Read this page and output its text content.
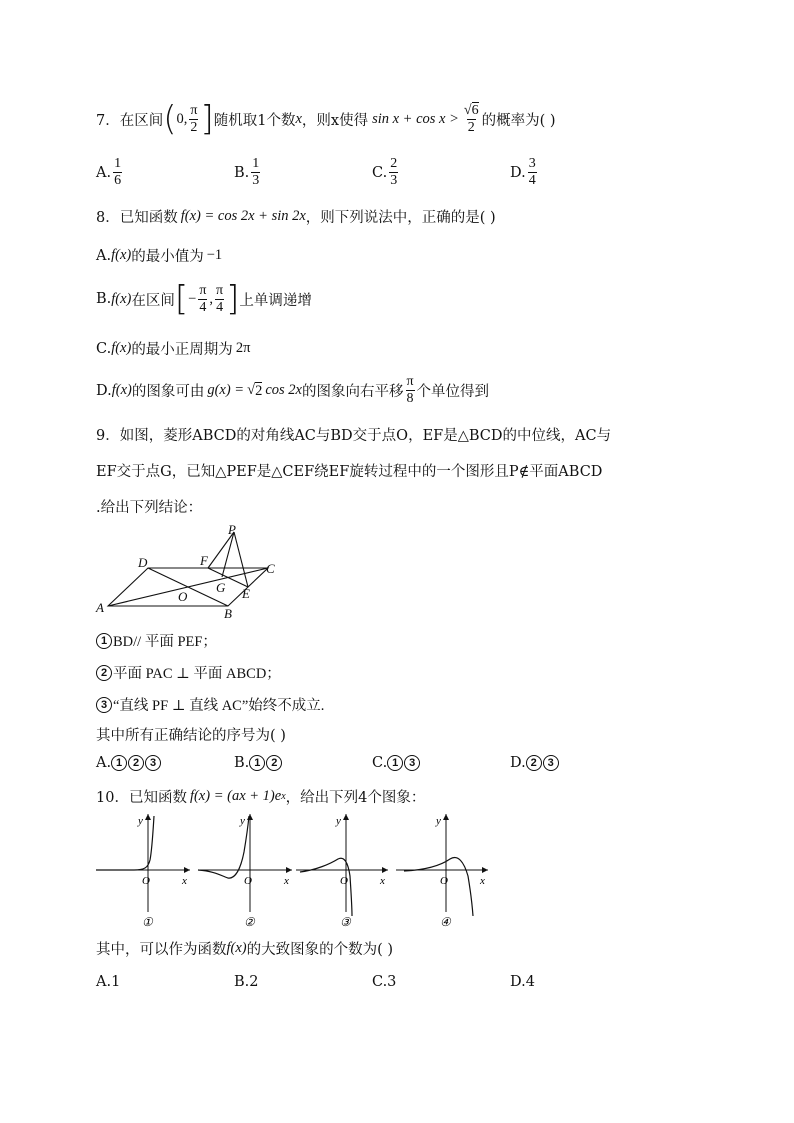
7．在区间 ( 0, $\frac{\pi}{2}$ ] 随机取1个数 x ，则x使得 $\sin x + \cos x > \frac{√6}{2}$ 的概率为( )
A. $\frac{1}{6}$	B. $\frac{1}{3}$	C. $\frac{2}{3}$	D. $\frac{3}{4}$
8．已知函数 f(x) = cos 2x + sin 2x ，则下列说法中，正确的是( )
A. f(x) 的最小值为 −1
B. f(x) 在区间 [ − $\frac{\pi}{4}$ , $\frac{\pi}{4}$ ] 上单调递增
C. f(x) 的最小正周期为 2π
D. f(x) 的图象可由 g(x) = √ 2 cos 2x 的图象向右平移 $\frac{\pi}{8}$ 个单位得到
9．如图，菱形ABCD的对角线AC与BD交于点O，EF是△BCD的中位线，AC与
EF交于点G，已知△PEF是△CEF绕EF旋转过程中的一个图形且P∉平面ABCD
.给出下列结论：
P
D	F
C
G E
O
A	B
1 BD// 平面 PEF；
2 平面 PAC ⊥ 平面 ABCD；
3 “直线 PF ⊥ 直线 AC”始终不成立.
其中所有正确结论的序号为( )
A. 1 2 3	B. 1 2	C. 1 3	D. 2 3
10．已知函数 f(x) = (ax + 1)e x ，给出下列4个图象：
y
x
O
①
y
x
O
②
y
x
O
③
y
x
O
④
其中，可以作为函数 f(x) 的大致图象的个数为( )
A.1	B.2	C.3	D.4
